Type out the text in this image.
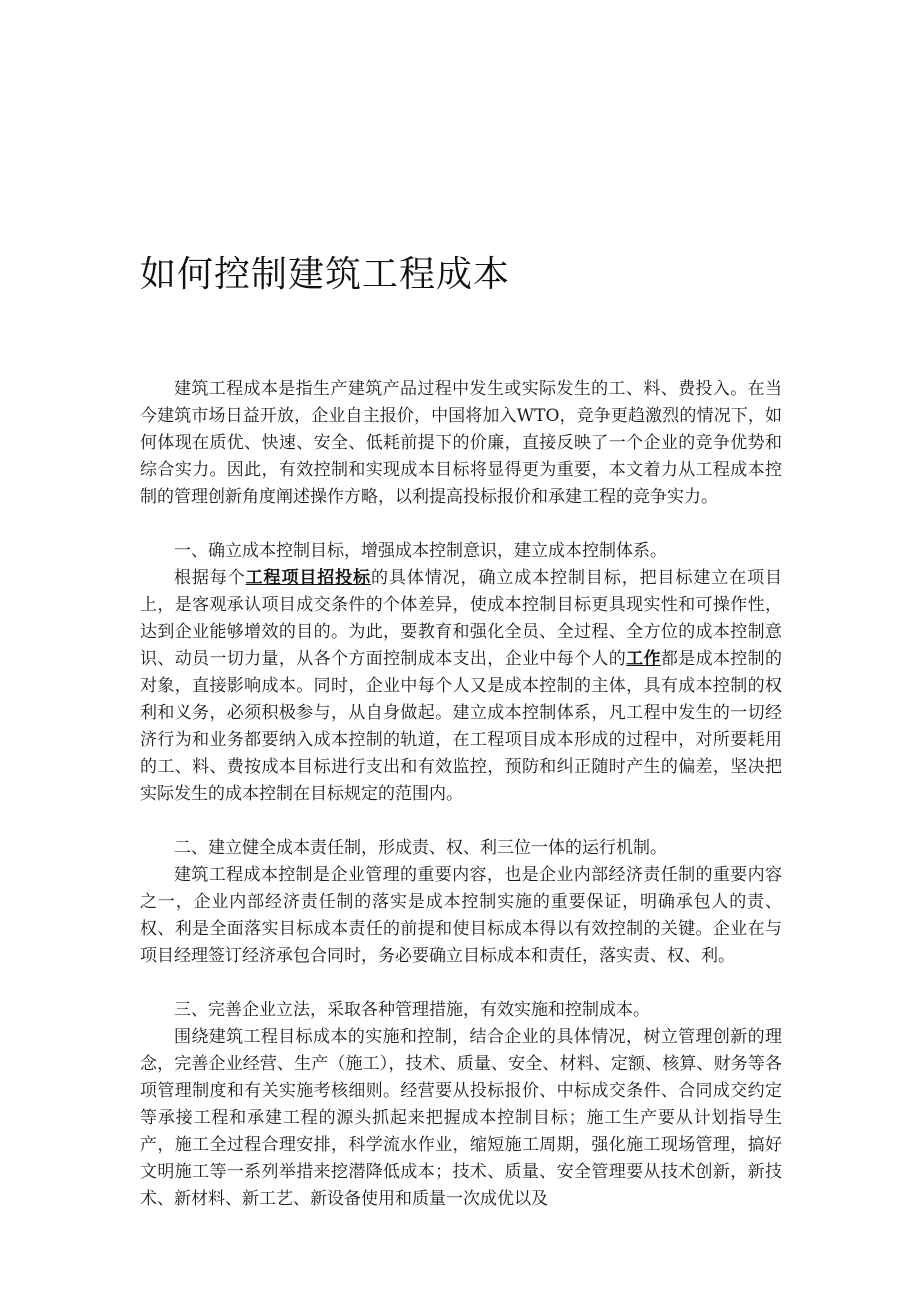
如何控制建筑工程成本

建筑工程成本是指生产建筑产品过程中发生或实际发生的工、料、费投入。在当今建筑市场日益开放，企业自主报价，中国将加入WTO，竞争更趋激烈的情况下，如何体现在质优、快速、安全、低耗前提下的价廉，直接反映了一个企业的竞争优势和综合实力。因此，有效控制和实现成本目标将显得更为重要，本文着力从工程成本控制的管理创新角度阐述操作方略，以利提高投标报价和承建工程的竞争实力。

一、确立成本控制目标，增强成本控制意识，建立成本控制体系。

根据每个工程项目招投标的具体情况，确立成本控制目标，把目标建立在项目上，是客观承认项目成交条件的个体差异，使成本控制目标更具现实性和可操作性，达到企业能够增效的目的。为此，要教育和强化全员、全过程、全方位的成本控制意识、动员一切力量，从各个方面控制成本支出，企业中每个人的工作都是成本控制的对象，直接影响成本。同时，企业中每个人又是成本控制的主体，具有成本控制的权利和义务，必须积极参与，从自身做起。建立成本控制体系，凡工程中发生的一切经济行为和业务都要纳入成本控制的轨道，在工程项目成本形成的过程中，对所要耗用的工、料、费按成本目标进行支出和有效监控，预防和纠正随时产生的偏差，坚决把实际发生的成本控制在目标规定的范围内。

二、建立健全成本责任制，形成责、权、利三位一体的运行机制。

建筑工程成本控制是企业管理的重要内容，也是企业内部经济责任制的重要内容之一，企业内部经济责任制的落实是成本控制实施的重要保证，明确承包人的责、权、利是全面落实目标成本责任的前提和使目标成本得以有效控制的关键。企业在与项目经理签订经济承包合同时，务必要确立目标成本和责任，落实责、权、利。

三、完善企业立法，采取各种管理措施，有效实施和控制成本。

围绕建筑工程目标成本的实施和控制，结合企业的具体情况，树立管理创新的理念，完善企业经营、生产（施工），技术、质量、安全、材料、定额、核算、财务等各项管理制度和有关实施考核细则。经营要从投标报价、中标成交条件、合同成交约定等承接工程和承建工程的源头抓起来把握成本控制目标；施工生产要从计划指导生产，施工全过程合理安排，科学流水作业，缩短施工周期，强化施工现场管理，搞好文明施工等一系列举措来挖潜降低成本；技术、质量、安全管理要从技术创新，新技术、新材料、新工艺、新设备使用和质量一次成优以及
